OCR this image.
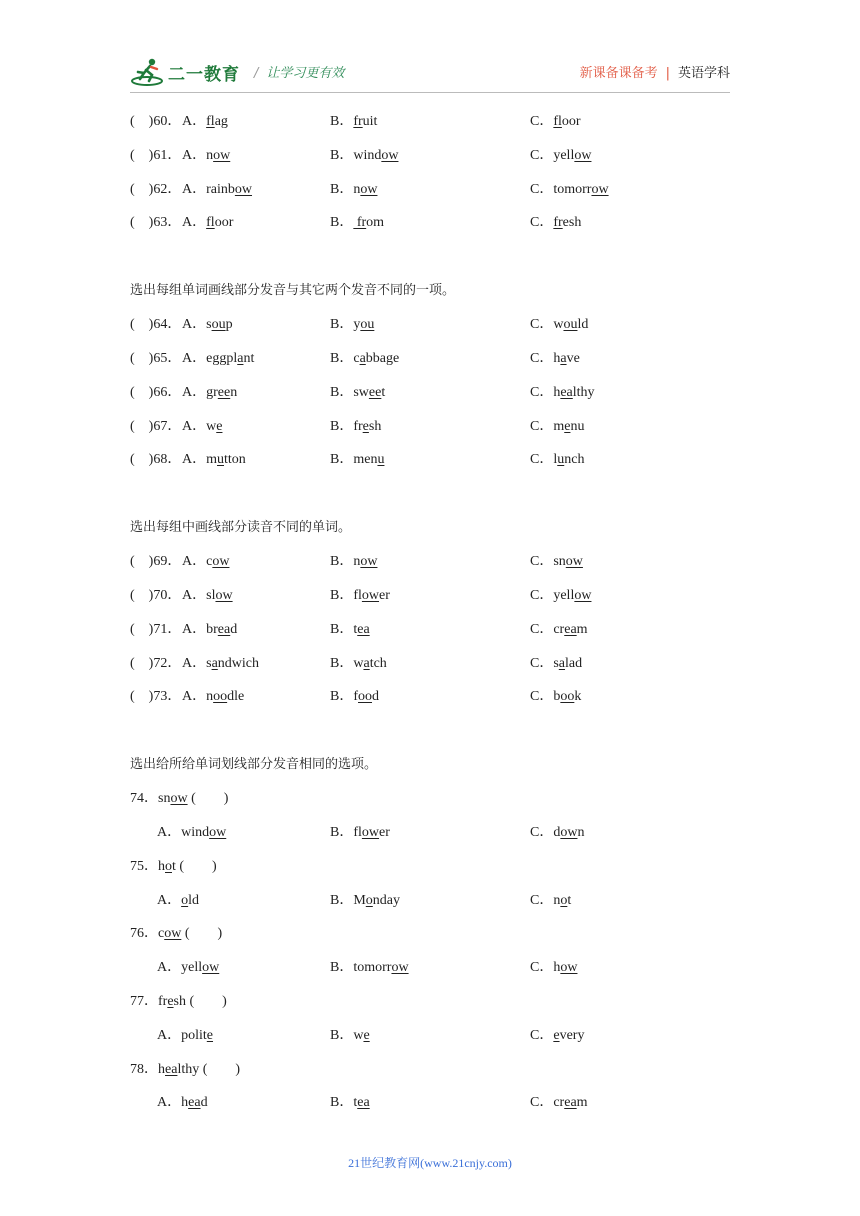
二一教育 / 让学习更有效	新课备课备考 | 英语学科
(　)60． A．flag	B．fruit	C．floor
(　)61． A．now	B．window	C．yellow
(　)62． A．rainbow	B．now	C．tomorrow
(　)63． A．floor	B． from	C．fresh
选出每组单词画线部分发音与其它两个发音不同的一项。
(　)64． A．soup	B．you	C．would
(　)65． A．eggplant	B．cabbage	C．have
(　)66． A．green	B．sweet	C．healthy
(　)67． A．we	B．fresh	C．menu
(　)68． A．mutton	B．menu	C．lunch
选出每组中画线部分读音不同的单词。
(　)69． A．cow	B．now	C．snow
(　)70． A．slow	B．flower	C．yellow
(　)71． A．bread	B．tea	C．cream
(　)72． A．sandwich	B．watch	C．salad
(　)73． A．noodle	B．food	C．book
选出给所给单词划线部分发音相同的选项。
74．snow (　　)
A．window	B．flower	C．down
75．hot (　　)
A．old	B．Monday	C．not
76．cow (　　)
A．yellow	B．tomorrow	C．how
77．fresh (　　)
A．polite	B．we	C．every
78．healthy (　　)
A．head	B．tea	C．cream
21世纪教育网(www.21cnjy.com)
